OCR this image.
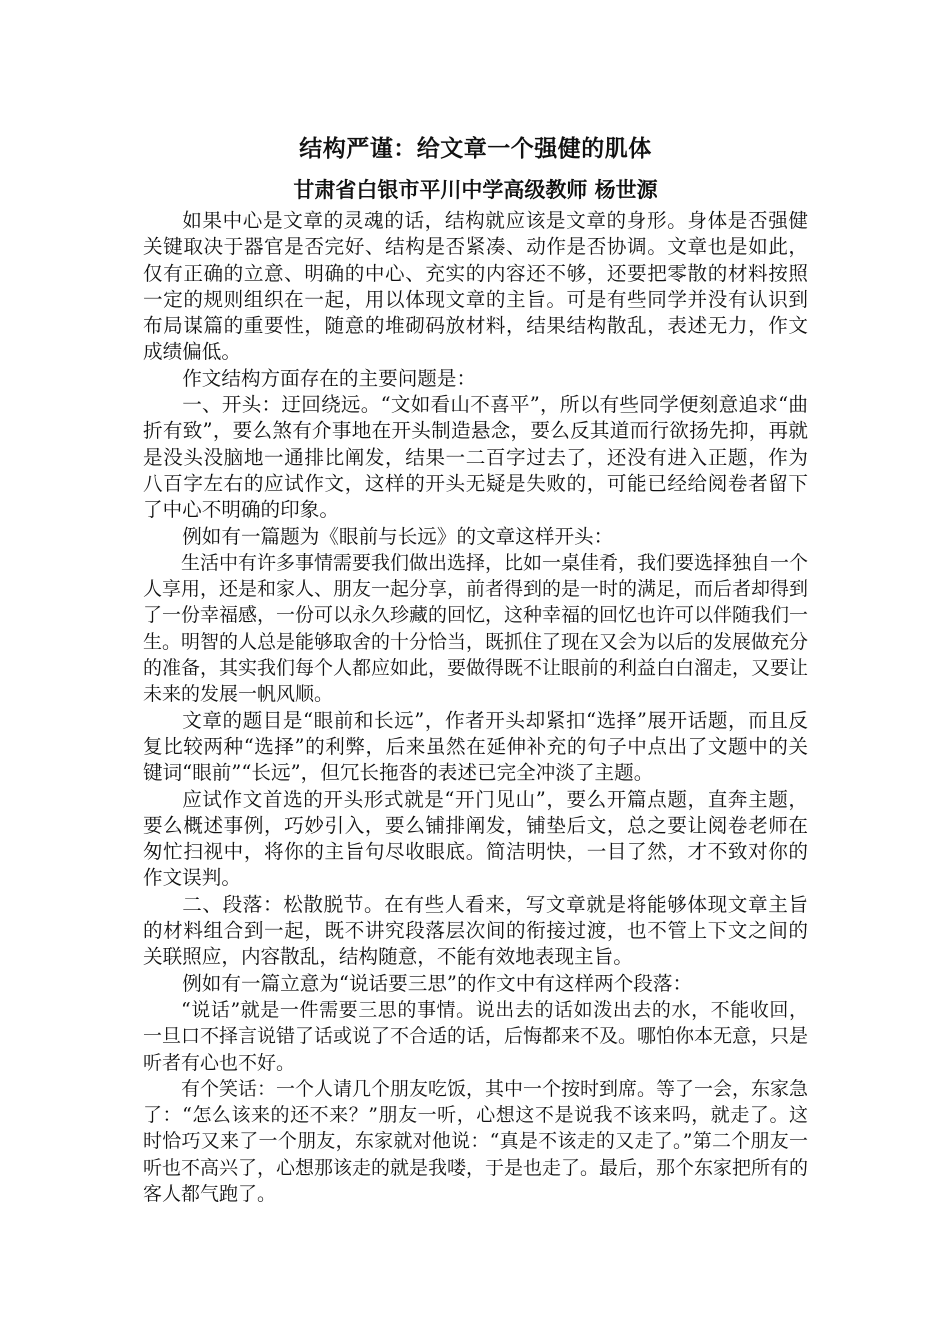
结构严谨：给文章一个强健的肌体
甘肃省白银市平川中学高级教师 杨世源

如果中心是文章的灵魂的话，结构就应该是文章的身形。身体是否强健关键取决于器官是否完好、结构是否紧凑、动作是否协调。文章也是如此，仅有正确的立意、明确的中心、充实的内容还不够，还要把零散的材料按照一定的规则组织在一起，用以体现文章的主旨。可是有些同学并没有认识到布局谋篇的重要性，随意的堆砌码放材料，结果结构散乱，表述无力，作文成绩偏低。

作文结构方面存在的主要问题是：

一、开头：迂回绕远。“文如看山不喜平”，所以有些同学便刻意追求“曲折有致”，要么煞有介事地在开头制造悬念，要么反其道而行欲扬先抑，再就是没头没脑地一通排比阐发，结果一二百字过去了，还没有进入正题，作为八百字左右的应试作文，这样的开头无疑是失败的，可能已经给阅卷者留下了中心不明确的印象。

例如有一篇题为《眼前与长远》的文章这样开头：

生活中有许多事情需要我们做出选择，比如一桌佳肴，我们要选择独自一个人享用，还是和家人、朋友一起分享，前者得到的是一时的满足，而后者却得到了一份幸福感，一份可以永久珍藏的回忆，这种幸福的回忆也许可以伴随我们一生。明智的人总是能够取舍的十分恰当，既抓住了现在又会为以后的发展做充分的准备，其实我们每个人都应如此，要做得既不让眼前的利益白白溜走，又要让未来的发展一帆风顺。

文章的题目是“眼前和长远”，作者开头却紧扣“选择”展开话题，而且反复比较两种“选择”的利弊，后来虽然在延伸补充的句子中点出了文题中的关键词“眼前”“长远”，但冗长拖沓的表述已完全冲淡了主题。

应试作文首选的开头形式就是“开门见山”，要么开篇点题，直奔主题，要么概述事例，巧妙引入，要么铺排阐发，铺垫后文，总之要让阅卷老师在匆忙扫视中，将你的主旨句尽收眼底。简洁明快，一目了然，才不致对你的作文误判。

二、段落：松散脱节。在有些人看来，写文章就是将能够体现文章主旨的材料组合到一起，既不讲究段落层次间的衔接过渡，也不管上下文之间的关联照应，内容散乱，结构随意，不能有效地表现主旨。

例如有一篇立意为“说话要三思”的作文中有这样两个段落：

“说话”就是一件需要三思的事情。说出去的话如泼出去的水，不能收回，一旦口不择言说错了话或说了不合适的话，后悔都来不及。哪怕你本无意，只是听者有心也不好。

有个笑话：一个人请几个朋友吃饭，其中一个按时到席。等了一会，东家急了：“怎么该来的还不来？”朋友一听，心想这不是说我不该来吗，就走了。这时恰巧又来了一个朋友，东家就对他说：“真是不该走的又走了。”第二个朋友一听也不高兴了，心想那该走的就是我喽，于是也走了。最后，那个东家把所有的客人都气跑了。
